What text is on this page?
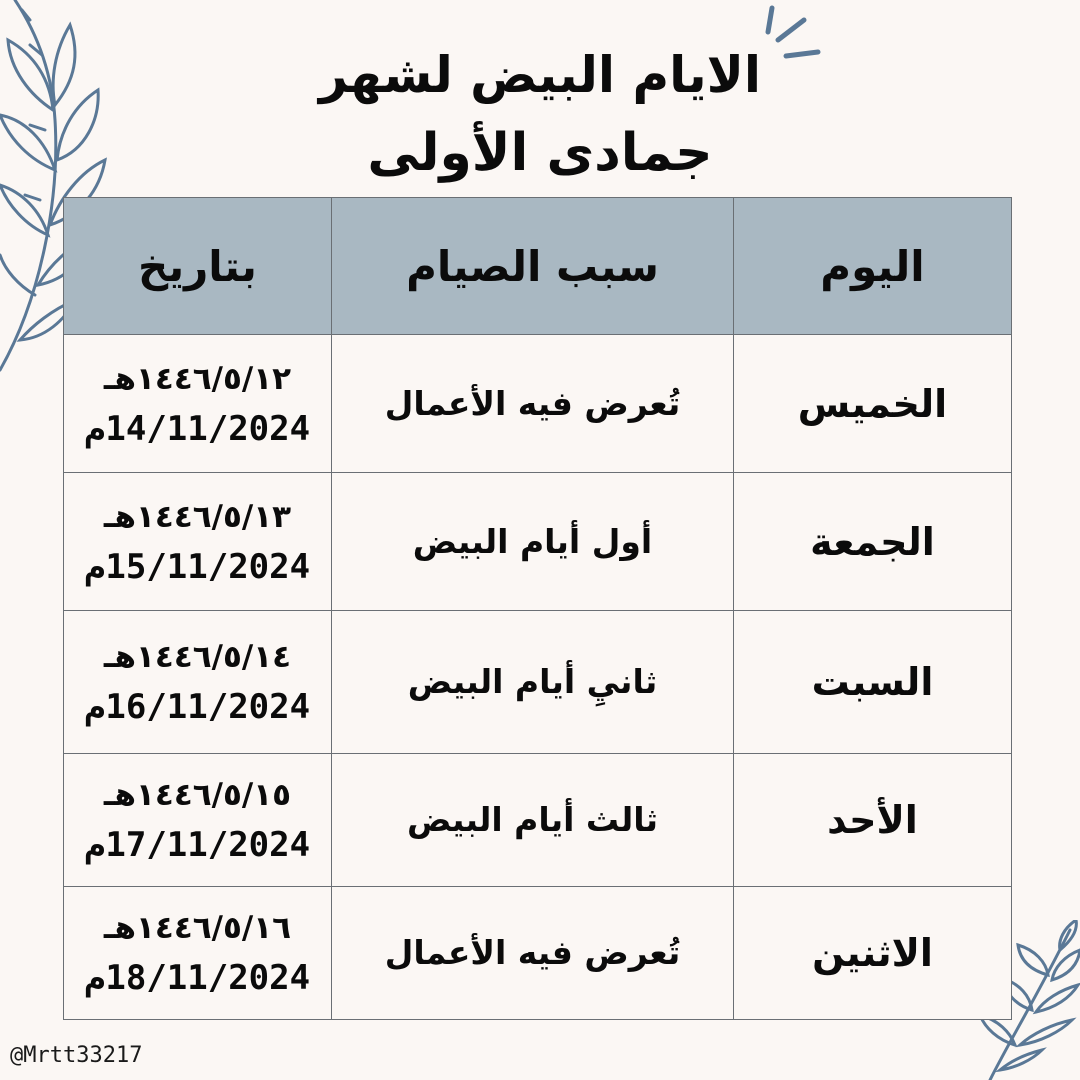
الايام البيض لشهر
جمادى الأولى
اليوم	سبب الصيام	بتاريخ
الخميس	تُعرض فيه الأعمال	١٤٤٦/٥/١٢هـ
14/11/2024م

الجمعة	أول أيام البيض	١٤٤٦/٥/١٣هـ
15/11/2024م

السبت	ثانيِ أيام البيض	١٤٤٦/٥/١٤هـ
16/11/2024م

الأحد	ثالث أيام البيض	١٤٤٦/٥/١٥هـ
17/11/2024م

الاثنين	تُعرض فيه الأعمال	١٤٤٦/٥/١٦هـ
18/11/2024م
@Mrtt33217
